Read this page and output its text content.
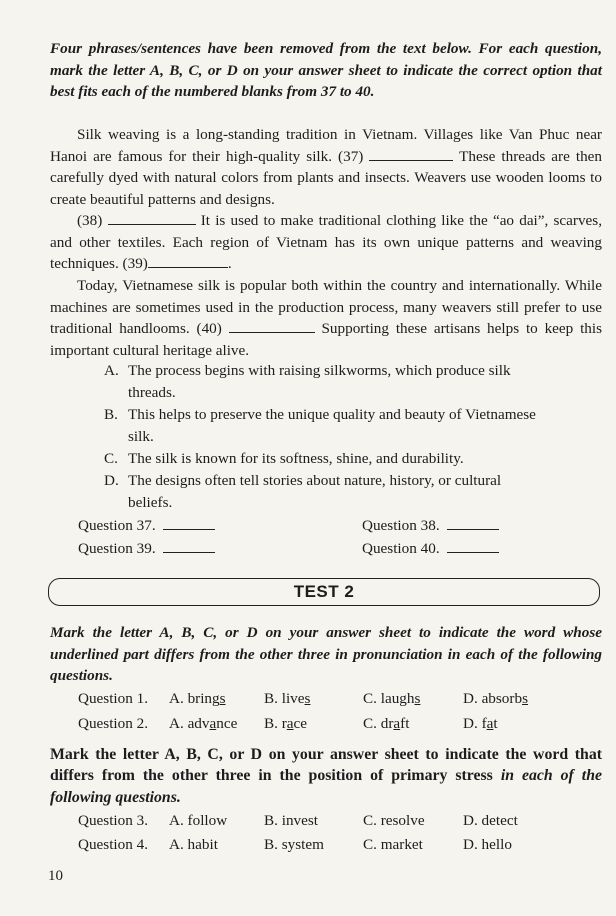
Four phrases/sentences have been removed from the text below. For each question, mark the letter A, B, C, or D on your answer sheet to indicate the correct option that best fits each of the numbered blanks from 37 to 40.
Silk weaving is a long-standing tradition in Vietnam. Villages like Van Phuc near Hanoi are famous for their high-quality silk. (37)	These threads are then carefully dyed with natural colors from plants and insects. Weavers use wooden looms to create beautiful patterns and designs.
(38)	It is used to make traditional clothing like the “ao dai”, scarves, and other textiles. Each region of Vietnam has its own unique patterns and weaving techniques. (39)	.
Today, Vietnamese silk is popular both within the country and internationally. While machines are sometimes used in the production process, many weavers still prefer to use traditional handlooms. (40)	Supporting these artisans helps to keep this important cultural heritage alive.
A. The process begins with raising silkworms, which produce silk
threads.
B. This helps to preserve the unique quality and beauty of Vietnamese
silk.
C. The silk is known for its softness, shine, and durability.
D. The designs often tell stories about nature, history, or cultural
beliefs.
Question 37.	Question 38.
Question 39.	Question 40.
TEST 2
Mark the letter A, B, C, or D on your answer sheet to indicate the word whose underlined part differs from the other three in pronunciation in each of the following questions.
Question 1. A. brings	B. lives	C. laughs	D. absorbs
Question 2. A. advance B. race	C. draft	D. fat
Mark the letter A, B, C, or D on your answer sheet to indicate the word that differs from the other three in the position of primary stress in each of the following questions.
Question 3. A. follow B. invest	C. resolve	D. detect
Question 4. A. habit	B. system	C. market	D. hello
10
